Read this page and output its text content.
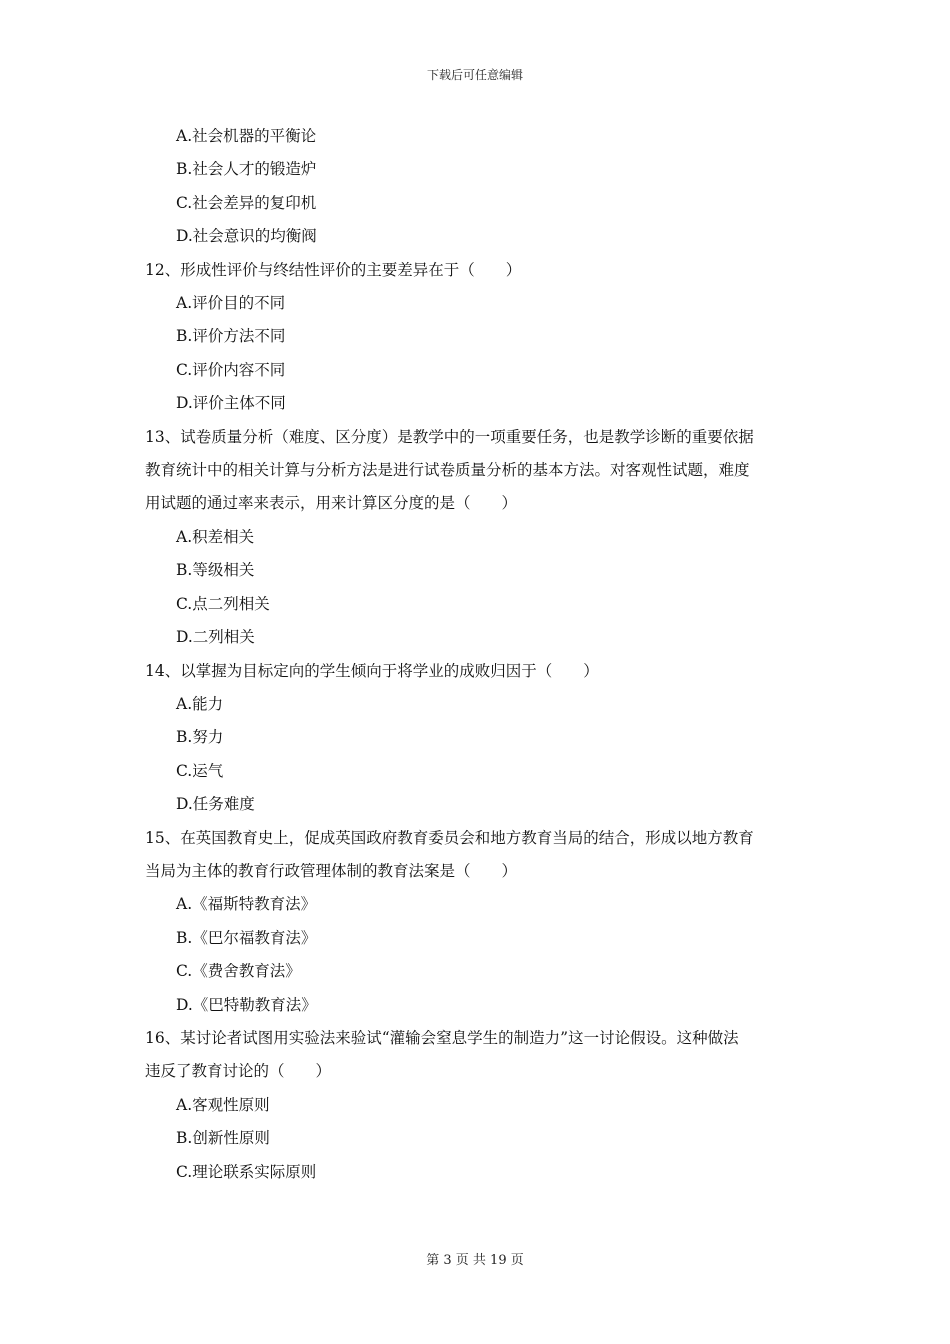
下载后可任意编辑

A.社会机器的平衡论

B.社会人才的锻造炉

C.社会差异的复印机

D.社会意识的均衡阀

12、形成性评价与终结性评价的主要差异在于（　　）

A.评价目的不同

B.评价方法不同

C.评价内容不同

D.评价主体不同

13、试卷质量分析（难度、区分度）是教学中的一项重要任务，也是教学诊断的重要依据

教育统计中的相关计算与分析方法是进行试卷质量分析的基本方法。对客观性试题，难度

用试题的通过率来表示，用来计算区分度的是（　　）

A.积差相关

B.等级相关

C.点二列相关

D.二列相关

14、以掌握为目标定向的学生倾向于将学业的成败归因于（　　）

A.能力

B.努力

C.运气

D.任务难度

15、在英国教育史上，促成英国政府教育委员会和地方教育当局的结合，形成以地方教育

当局为主体的教育行政管理体制的教育法案是（　　）

A.《福斯特教育法》

B.《巴尔福教育法》

C.《费舍教育法》

D.《巴特勒教育法》

16、某讨论者试图用实验法来验试“灌输会窒息学生的制造力”这一讨论假设。这种做法

违反了教育讨论的（　　）

A.客观性原则

B.创新性原则

C.理论联系实际原则

第 3 页 共 19 页
